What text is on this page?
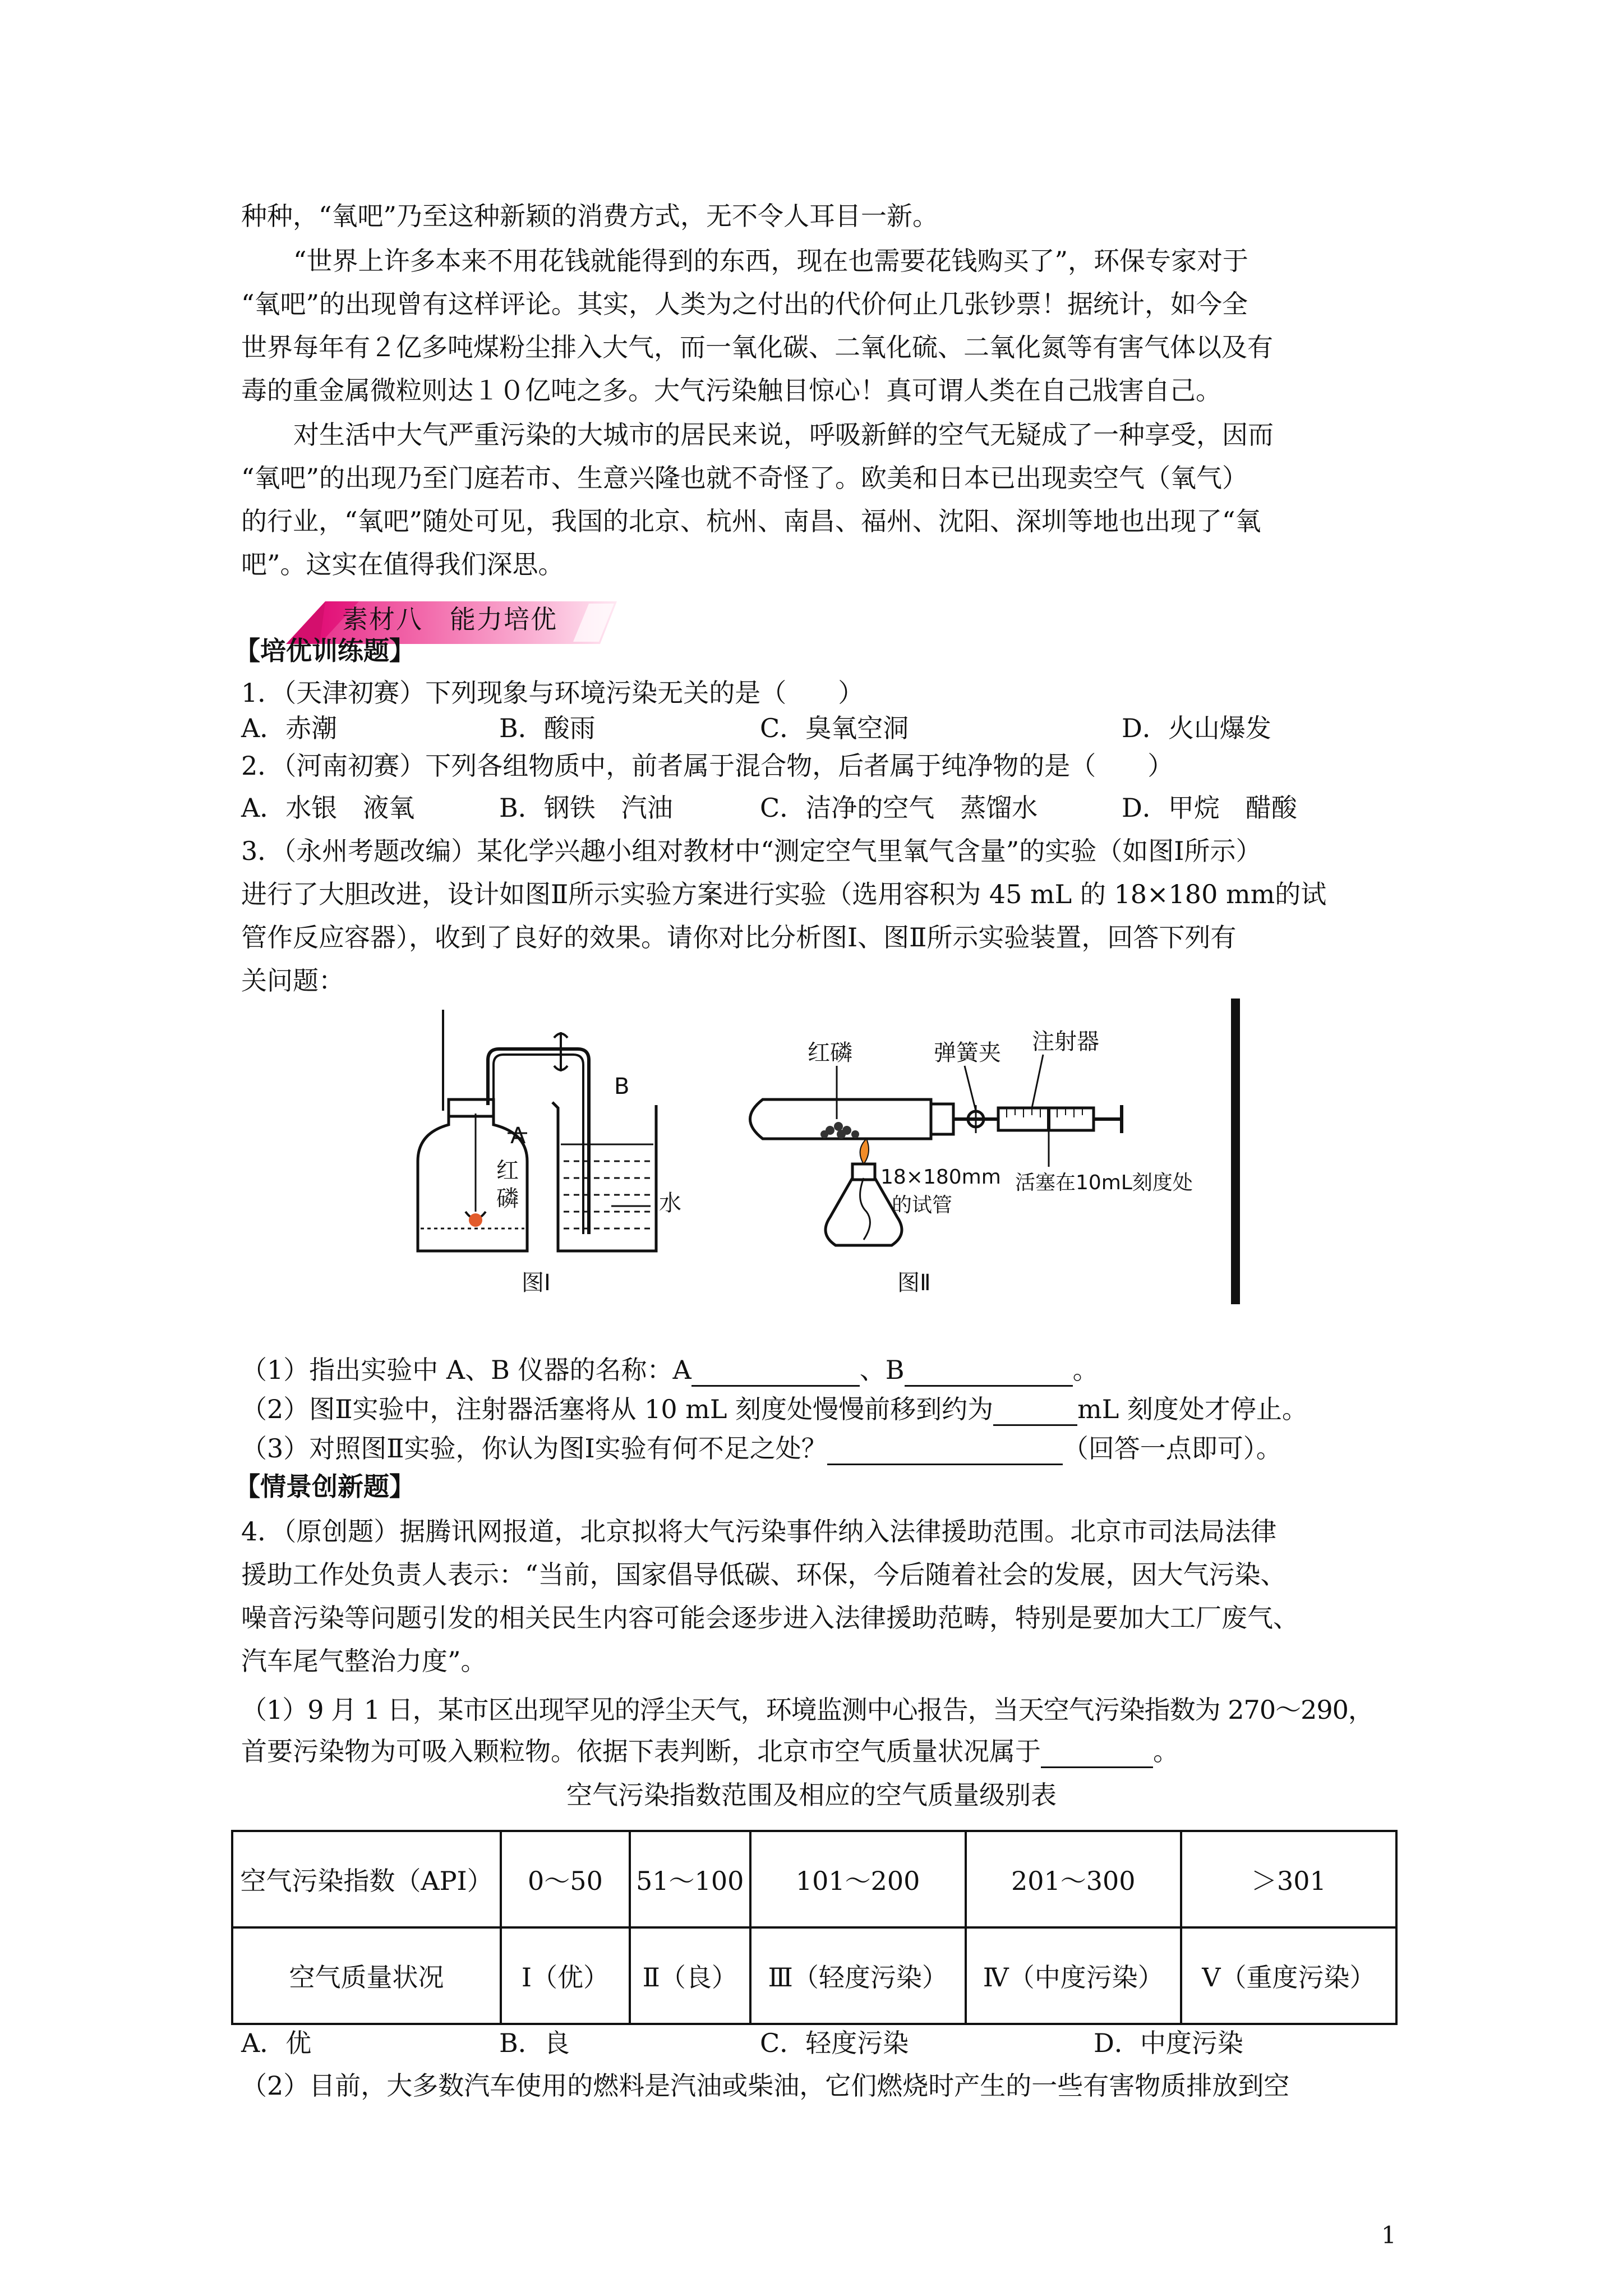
种种，“氧吧”乃至这种新颖的消费方式，无不令人耳目一新。
“世界上许多本来不用花钱就能得到的东西，现在也需要花钱购买了”，环保专家对于
“氧吧”的出现曾有这样评论。其实，人类为之付出的代价何止几张钞票！据统计，如今全
世界每年有２亿多吨煤粉尘排入大气，而一氧化碳、二氧化硫、二氧化氮等有害气体以及有
毒的重金属微粒则达１０亿吨之多。大气污染触目惊心！真可谓人类在自己戕害自己。
对生活中大气严重污染的大城市的居民来说，呼吸新鲜的空气无疑成了一种享受，因而
“氧吧”的出现乃至门庭若市、生意兴隆也就不奇怪了。欧美和日本已出现卖空气（氧气）
的行业，“氧吧”随处可见，我国的北京、杭州、南昌、福州、沈阳、深圳等地也出现了“氧
吧”。这实在值得我们深思。
素材八　能力培优
【培优训练题】
1．（天津初赛）下列现象与环境污染无关的是（　　）
A．赤潮	B．酸雨	C．臭氧空洞	D．火山爆发
2．（河南初赛）下列各组物质中，前者属于混合物，后者属于纯净物的是（　　）
A．水银　液氧	B．钢铁　汽油	C．洁净的空气　蒸馏水	D．甲烷　醋酸
3．（永州考题改编）某化学兴趣小组对教材中“测定空气里氧气含量”的实验（如图Ⅰ所示）
进行了大胆改进，设计如图Ⅱ所示实验方案进行实验（选用容积为 45 mL 的 18×180 mm的试
管作反应容器），收到了良好的效果。请你对比分析图Ⅰ、图Ⅱ所示实验装置，回答下列有
关问题：
A
B
红
磷	水
图Ⅰ
红磷	弹簧夹 注射器
18×180mm
的试管
活塞在10mL刻度处
图Ⅱ
（1）指出实验中 A、B 仪器的名称：A	、B	。
（2）图Ⅱ实验中，注射器活塞将从 10 mL 刻度处慢慢前移到约为	mL 刻度处才停止。
（3）对照图Ⅱ实验，你认为图Ⅰ实验有何不足之处？	（回答一点即可）。
【情景创新题】
4．（原创题）据腾讯网报道，北京拟将大气污染事件纳入法律援助范围。北京市司法局法律
援助工作处负责人表示：“当前，国家倡导低碳、环保，今后随着社会的发展，因大气污染、
噪音污染等问题引发的相关民生内容可能会逐步进入法律援助范畴，特别是要加大工厂废气、
汽车尾气整治力度”。
（1）9 月 1 日，某市区出现罕见的浮尘天气，环境监测中心报告，当天空气污染指数为 270～290，
首要污染物为可吸入颗粒物。依据下表判断，北京市空气质量状况属于	。
空气污染指数范围及相应的空气质量级别表
空气污染指数（API）	0～50	51～100	101～200	201～300	＞301
空气质量状况	Ⅰ（优）	Ⅱ（良）	Ⅲ（轻度污染）	Ⅳ（中度污染）	Ⅴ（重度污染）
A．优	B．良	C．轻度污染	D．中度污染
（2）目前，大多数汽车使用的燃料是汽油或柴油，它们燃烧时产生的一些有害物质排放到空
1
